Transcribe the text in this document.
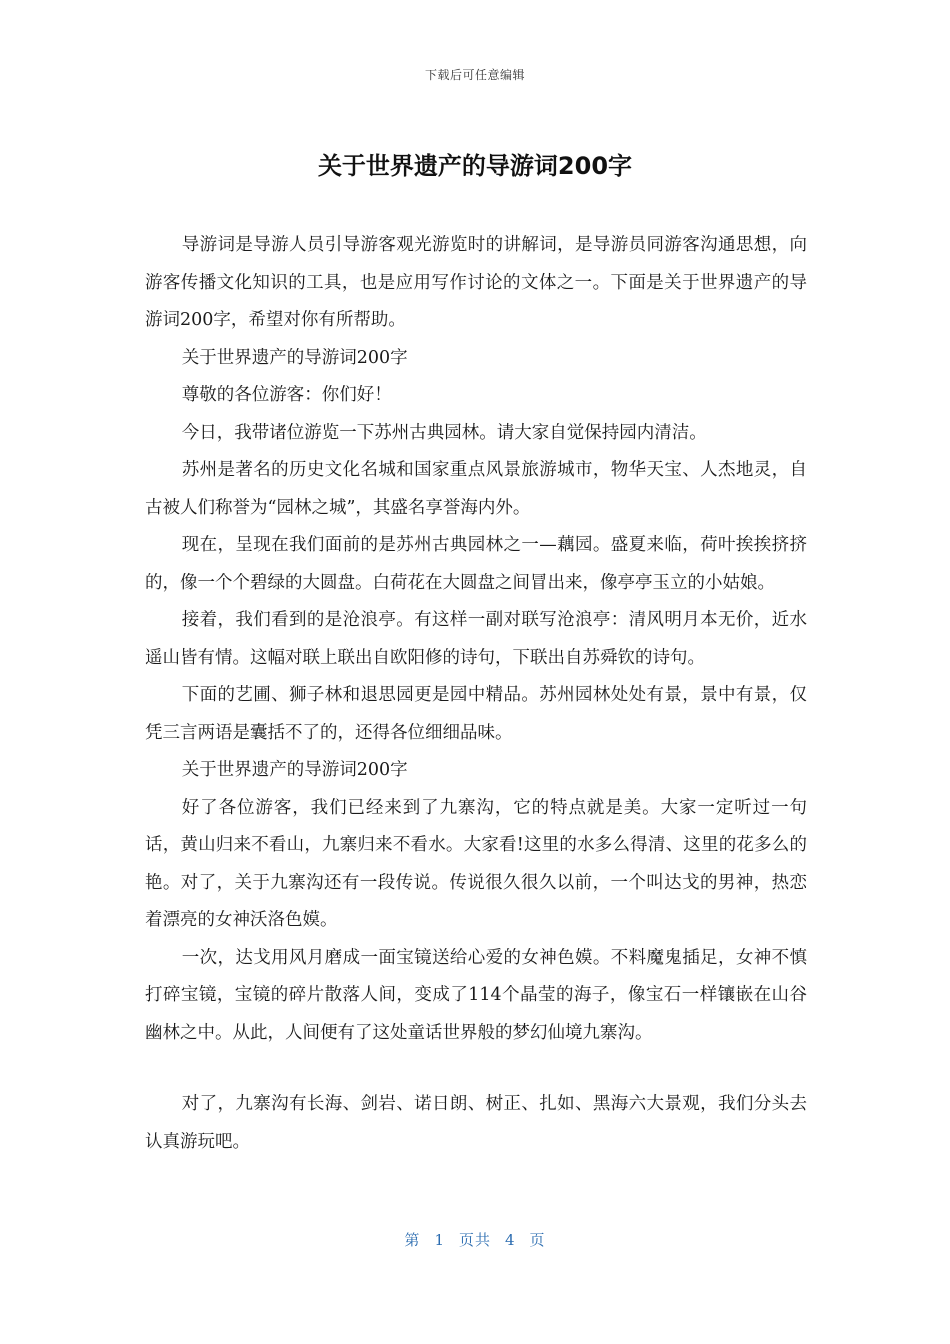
下载后可任意编辑
关于世界遗产的导游词200字

导游词是导游人员引导游客观光游览时的讲解词，是导游员同游客沟通思想，向游客传播文化知识的工具，也是应用写作讨论的文体之一。下面是关于世界遗产的导游词200字，希望对你有所帮助。

关于世界遗产的导游词200字

尊敬的各位游客：你们好！

今日，我带诸位游览一下苏州古典园林。请大家自觉保持园内清洁。

苏州是著名的历史文化名城和国家重点风景旅游城市，物华天宝、人杰地灵，自古被人们称誉为“园林之城”，其盛名享誉海内外。

现在，呈现在我们面前的是苏州古典园林之一—藕园。盛夏来临，荷叶挨挨挤挤的，像一个个碧绿的大圆盘。白荷花在大圆盘之间冒出来，像亭亭玉立的小姑娘。

接着，我们看到的是沧浪亭。有这样一副对联写沧浪亭：清风明月本无价，近水遥山皆有情。这幅对联上联出自欧阳修的诗句，下联出自苏舜钦的诗句。

下面的艺圃、狮子林和退思园更是园中精品。苏州园林处处有景，景中有景，仅凭三言两语是囊括不了的，还得各位细细品味。

关于世界遗产的导游词200字

好了各位游客，我们已经来到了九寨沟，它的特点就是美。大家一定听过一句话，黄山归来不看山，九寨归来不看水。大家看!这里的水多么得清、这里的花多么的艳。对了，关于九寨沟还有一段传说。传说很久很久以前，一个叫达戈的男神，热恋着漂亮的女神沃洛色嫫。

一次，达戈用风月磨成一面宝镜送给心爱的女神色嫫。不料魔鬼插足，女神不慎打碎宝镜，宝镜的碎片散落人间，变成了114个晶莹的海子，像宝石一样镶嵌在山谷幽林之中。从此，人间便有了这处童话世界般的梦幻仙境九寨沟。

对了，九寨沟有长海、剑岩、诺日朗、树正、扎如、黑海六大景观，我们分头去认真游玩吧。

第 1 页共 4 页
